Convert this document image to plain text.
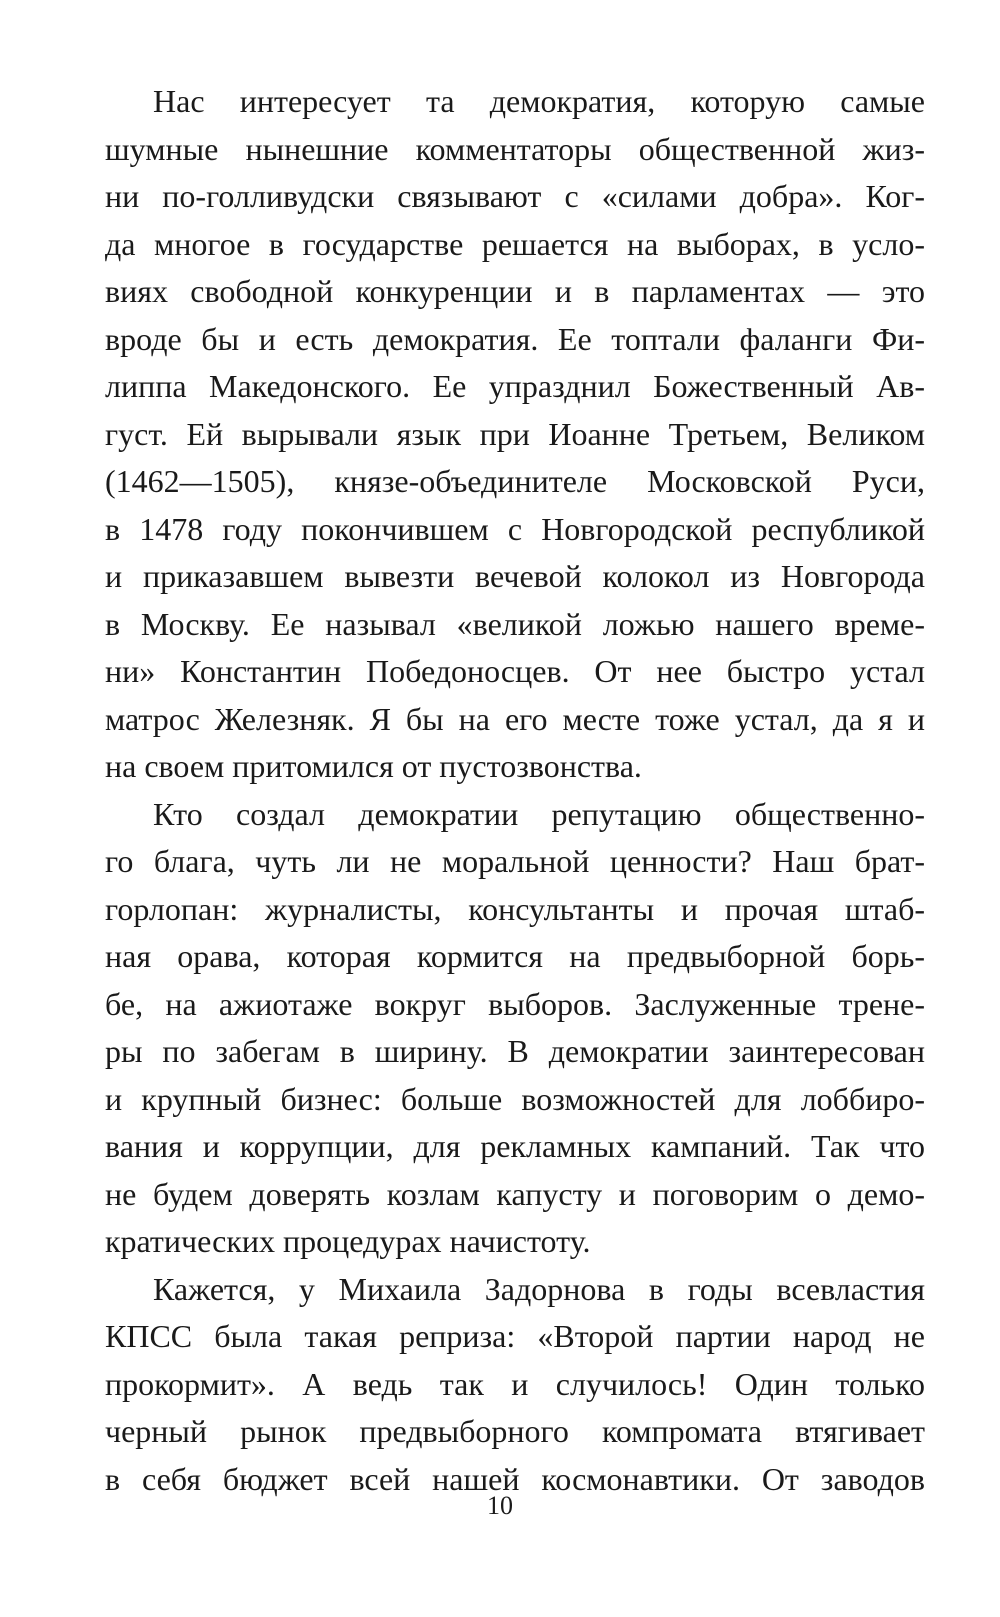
Нас интересует та демократия, которую самые
шумные нынешние комментаторы общественной жиз-
ни по-голливудски связывают с «силами добра». Ког-
да многое в государстве решается на выборах, в усло-
виях свободной конкуренции и в парламентах — это
вроде бы и есть демократия. Ее топтали фаланги Фи-
липпа Македонского. Ее упразднил Божественный Ав-
густ. Ей вырывали язык при Иоанне Третьем, Великом
(1462—1505), князе-объединителе Московской Руси,
в 1478 году покончившем с Новгородской республикой
и приказавшем вывезти вечевой колокол из Новгорода
в Москву. Ее называл «великой ложью нашего време-
ни» Константин Победоносцев. От нее быстро устал
матрос Железняк. Я бы на его месте тоже устал, да я и
на своем притомился от пустозвонства.
Кто создал демократии репутацию общественно-
го блага, чуть ли не моральной ценности? Наш брат-
горлопан: журналисты, консультанты и прочая штаб-
ная орава, которая кормится на предвыборной борь-
бе, на ажиотаже вокруг выборов. Заслуженные трене-
ры по забегам в ширину. В демократии заинтересован
и крупный бизнес: больше возможностей для лоббиро-
вания и коррупции, для рекламных кампаний. Так что
не будем доверять козлам капусту и поговорим о демо-
кратических процедурах начистоту.
Кажется, у Михаила Задорнова в годы всевластия
КПСС была такая реприза: «Второй партии народ не
прокормит». А ведь так и случилось! Один только
черный рынок предвыборного компромата втягивает
в себя бюджет всей нашей космонавтики. От заводов
10
